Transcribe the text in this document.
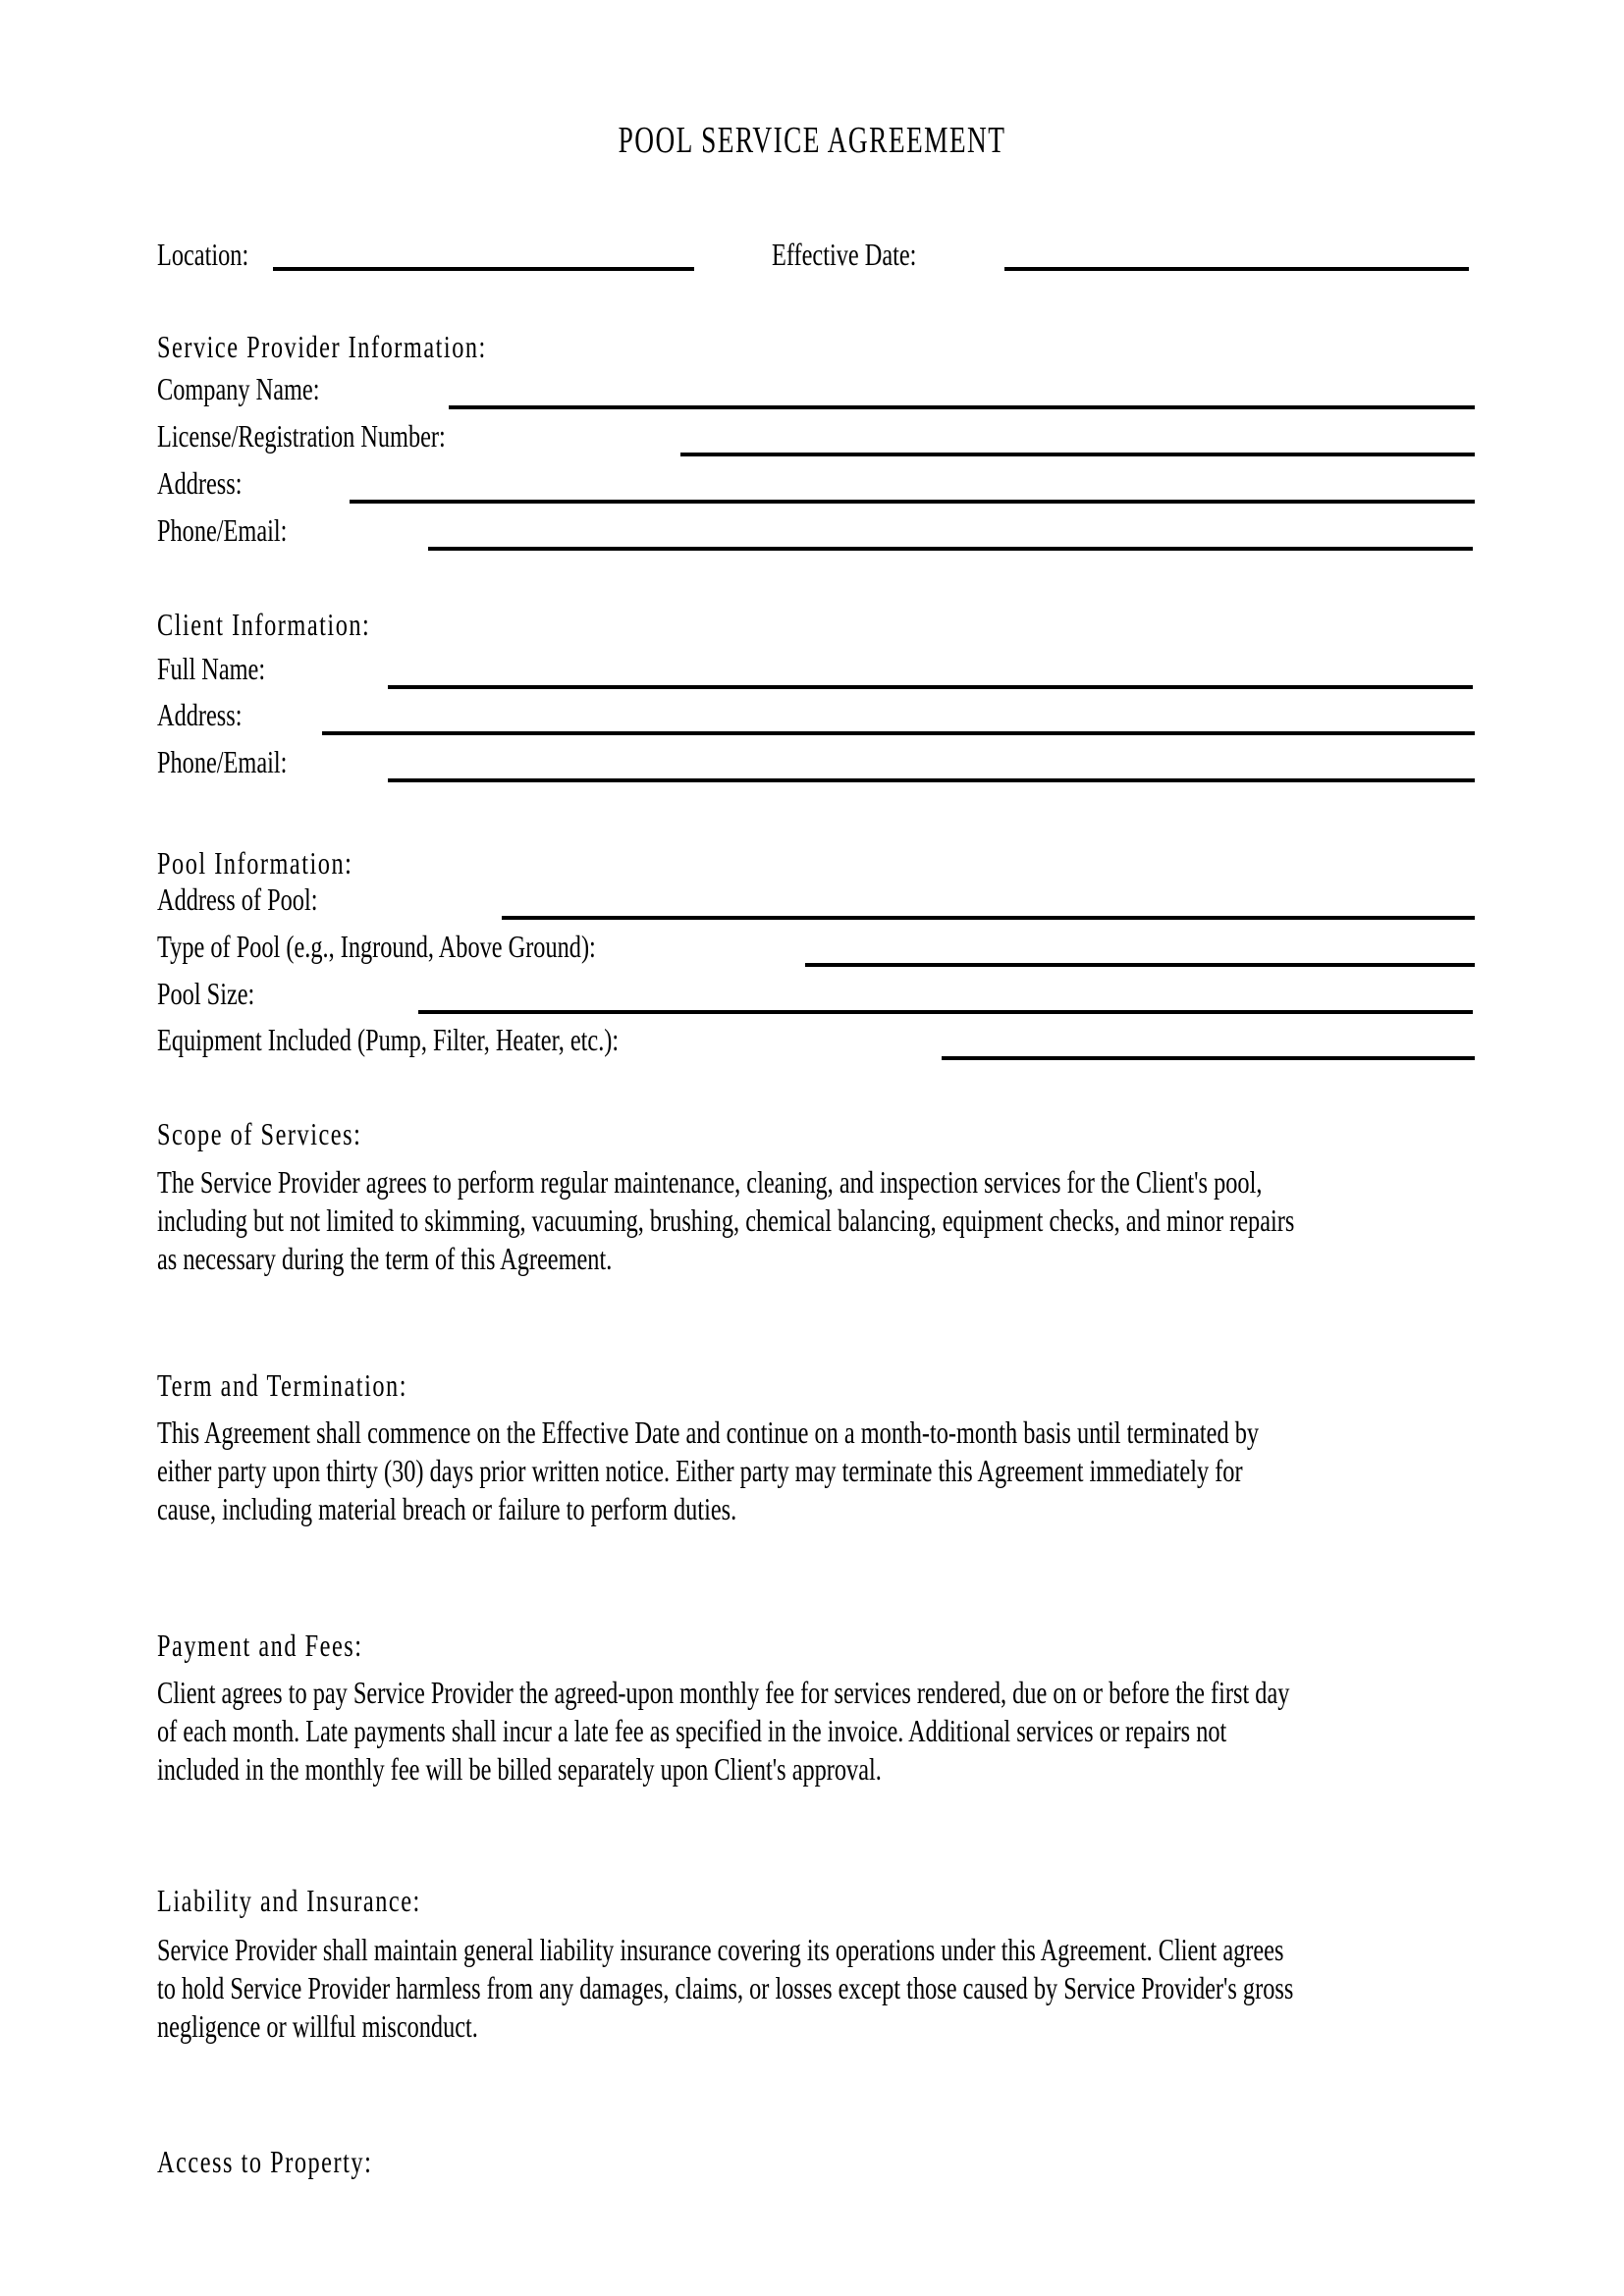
POOL SERVICE AGREEMENT
Location:	Effective Date:
Service Provider Information:
Company Name:
License/Registration Number:
Address:
Phone/Email:
Client Information:
Full Name:
Address:
Phone/Email:
Pool Information:
Address of Pool:
Type of Pool (e.g., Inground, Above Ground):
Pool Size:
Equipment Included (Pump, Filter, Heater, etc.):
Scope of Services:
The Service Provider agrees to perform regular maintenance, cleaning, and inspection services for the Client's pool,
including but not limited to skimming, vacuuming, brushing, chemical balancing, equipment checks, and minor repairs
as necessary during the term of this Agreement.
Term and Termination:
This Agreement shall commence on the Effective Date and continue on a month-to-month basis until terminated by
either party upon thirty (30) days prior written notice. Either party may terminate this Agreement immediately for
cause, including material breach or failure to perform duties.
Payment and Fees:
Client agrees to pay Service Provider the agreed-upon monthly fee for services rendered, due on or before the first day
of each month. Late payments shall incur a late fee as specified in the invoice. Additional services or repairs not
included in the monthly fee will be billed separately upon Client's approval.
Liability and Insurance:
Service Provider shall maintain general liability insurance covering its operations under this Agreement. Client agrees
to hold Service Provider harmless from any damages, claims, or losses except those caused by Service Provider's gross
negligence or willful misconduct.
Access to Property:
